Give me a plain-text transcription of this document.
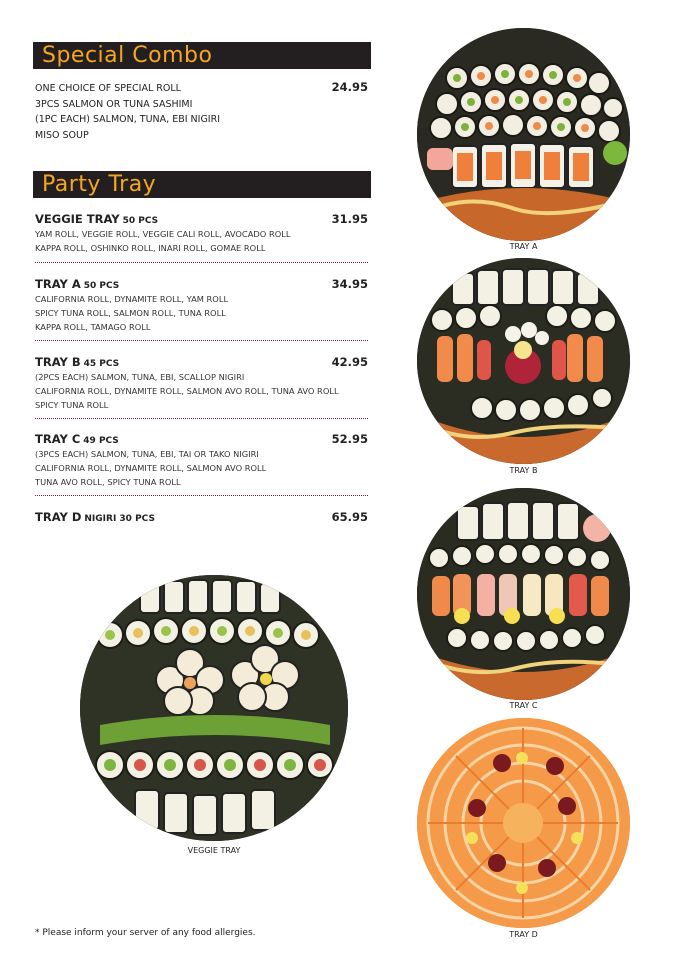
Special Combo
ONE CHOICE OF SPECIAL ROLL	24.95
3PCS SALMON OR TUNA SASHIMI
(1PC EACH) SALMON, TUNA, EBI NIGIRI
MISO SOUP
Party Tray
VEGGIE TRAY 50 PCS	31.95
YAM ROLL, VEGGIE ROLL, VEGGIE CALI ROLL, AVOCADO ROLL
KAPPA ROLL, OSHINKO ROLL, INARI ROLL, GOMAE ROLL
TRAY A 50 PCS	34.95
CALIFORNIA ROLL, DYNAMITE ROLL, YAM ROLL
SPICY TUNA ROLL, SALMON ROLL, TUNA ROLL
KAPPA ROLL, TAMAGO ROLL
TRAY B 45 PCS	42.95
(2PCS EACH) SALMON, TUNA, EBI, SCALLOP NIGIRI
CALIFORNIA ROLL, DYNAMITE ROLL, SALMON AVO ROLL, TUNA AVO ROLL
SPICY TUNA ROLL
TRAY C 49 PCS	52.95
(3PCS EACH) SALMON, TUNA, EBI, TAI OR TAKO NIGIRI
CALIFORNIA ROLL, DYNAMITE ROLL, SALMON AVO ROLL
TUNA AVO ROLL, SPICY TUNA ROLL
TRAY D NIGIRI 30 PCS	65.95
TRAY A
TRAY B
TRAY C
TRAY D
VEGGIE TRAY
* Please inform your server of any food allergies.
